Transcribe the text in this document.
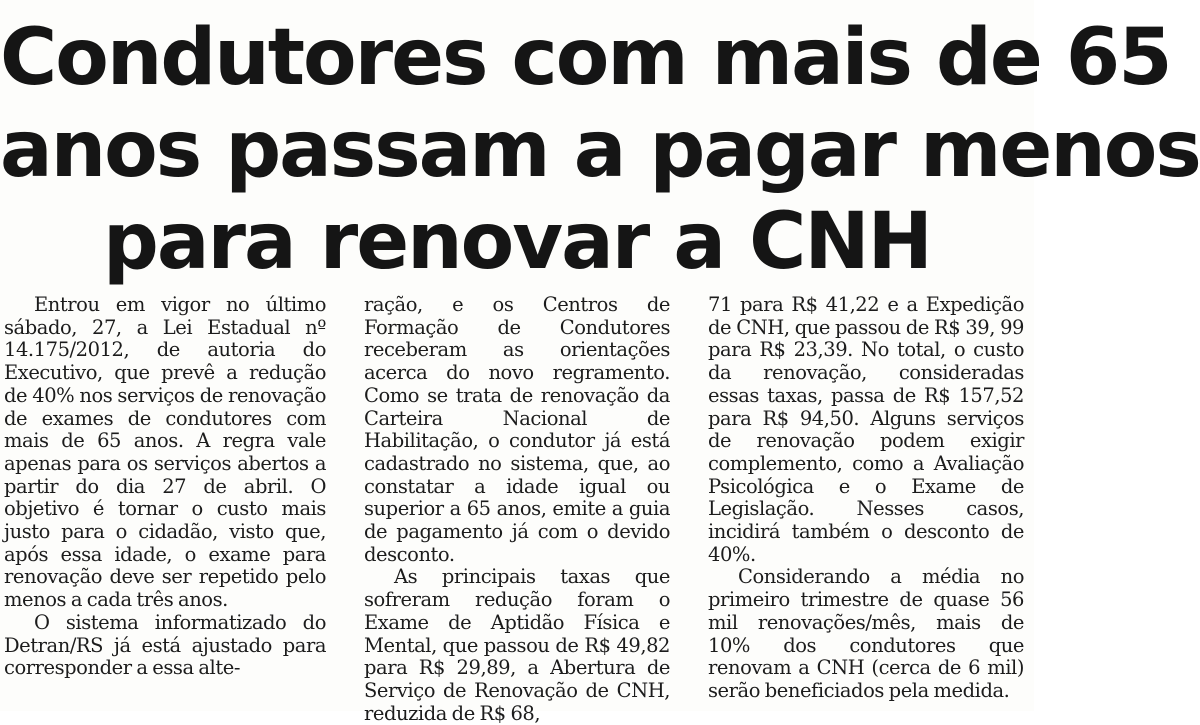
Condutores com mais de 65
anos passam a pagar menos
para renovar a CNH

Entrou em vigor no último sábado, 27, a Lei Estadual nº 14.175/2012, de autoria do Executivo, que prevê a redução de 40% nos serviços de renovação de exames de condutores com mais de 65 anos. A regra vale apenas para os serviços abertos a partir do dia 27 de abril. O objetivo é tornar o custo mais justo para o cidadão, visto que, após essa idade, o exame para renovação deve ser repetido pelo menos a cada três anos.

O sistema informatizado do Detran/RS já está ajustado para corresponder a essa alte-

ração, e os Centros de Formação de Condutores receberam as orientações acerca do novo regramento. Como se trata de renovação da Carteira Nacional de Habilitação, o condutor já está cadastrado no sistema, que, ao constatar a idade igual ou superior a 65 anos, emite a guia de pagamento já com o devido desconto.

As principais taxas que sofreram redução foram o Exame de Aptidão Física e Mental, que passou de R$ 49,82 para R$ 29,89, a Abertura de Serviço de Renovação de CNH, reduzida de R$ 68,

71 para R$ 41,22 e a Expedição de CNH, que passou de R$ 39, 99 para R$ 23,39. No total, o custo da renovação, consideradas essas taxas, passa de R$ 157,52 para R$ 94,50. Alguns serviços de renovação podem exigir complemento, como a Avaliação Psicológica e o Exame de Legislação. Nesses casos, incidirá também o desconto de 40%.

Considerando a média no primeiro trimestre de quase 56 mil renovações/mês, mais de 10% dos condutores que renovam a CNH (cerca de 6 mil) serão beneficiados pela medida.
